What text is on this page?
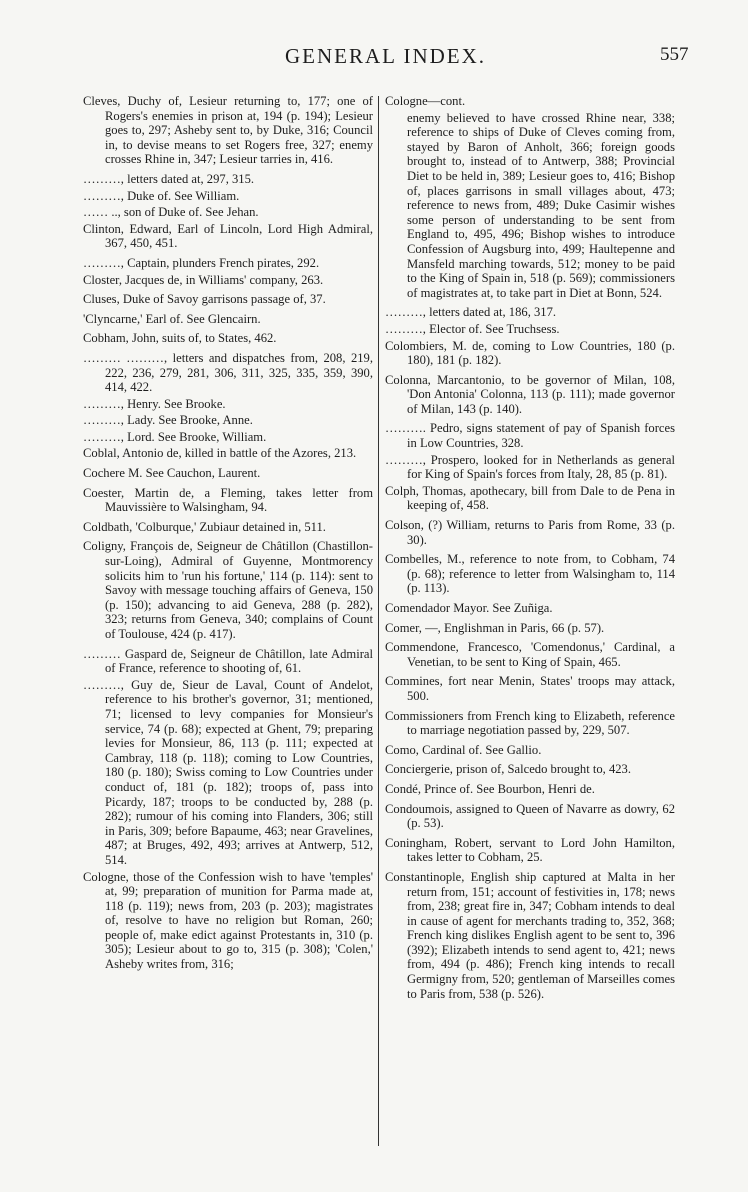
GENERAL INDEX.	557

Cleves, Duchy of, Lesieur returning to, 177; one of Rogers's enemies in prison at, 194 (p. 194); Lesieur goes to, 297; Asheby sent to, by Duke, 316; Council in, to devise means to set Rogers free, 327; enemy crosses Rhine in, 347; Lesieur tarries in, 416.

………, letters dated at, 297, 315.

………, Duke of. See William.

…… .., son of Duke of. See Jehan.

Clinton, Edward, Earl of Lincoln, Lord High Admiral, 367, 450, 451.

………, Captain, plunders French pirates, 292.

Closter, Jacques de, in Williams' company, 263.

Cluses, Duke of Savoy garrisons passage of, 37.

'Clyncarne,' Earl of. See Glencairn.

Cobham, John, suits of, to States, 462.

……… ………, letters and dispatches from, 208, 219, 222, 236, 279, 281, 306, 311, 325, 335, 359, 390, 414, 422.

………, Henry. See Brooke.

………, Lady. See Brooke, Anne.

………, Lord. See Brooke, William.

Coblal, Antonio de, killed in battle of the Azores, 213.

Cochere M. See Cauchon, Laurent.

Coester, Martin de, a Fleming, takes letter from Mauvissière to Walsingham, 94.

Coldbath, 'Colburque,' Zubiaur detained in, 511.

Coligny, François de, Seigneur de Châtillon (Chastillon-sur-Loing), Admiral of Guyenne, Montmorency solicits him to 'run his fortune,' 114 (p. 114): sent to Savoy with message touching affairs of Geneva, 150 (p. 150); advancing to aid Geneva, 288 (p. 282), 323; returns from Geneva, 340; complains of Count of Toulouse, 424 (p. 417).

……… Gaspard de, Seigneur de Châtillon, late Admiral of France, reference to shooting of, 61.

………, Guy de, Sieur de Laval, Count of Andelot, reference to his brother's governor, 31; mentioned, 71; licensed to levy companies for Monsieur's service, 74 (p. 68); expected at Ghent, 79; preparing levies for Monsieur, 86, 113 (p. 111; expected at Cambray, 118 (p. 118); coming to Low Countries, 180 (p. 180); Swiss coming to Low Countries under conduct of, 181 (p. 182); troops of, pass into Picardy, 187; troops to be conducted by, 288 (p. 282); rumour of his coming into Flanders, 306; still in Paris, 309; before Bapaume, 463; near Gravelines, 487; at Bruges, 492, 493; arrives at Antwerp, 512, 514.

Cologne, those of the Confession wish to have 'temples' at, 99; preparation of munition for Parma made at, 118 (p. 119); news from, 203 (p. 203); magistrates of, resolve to have no religion but Roman, 260; people of, make edict against Protestants in, 310 (p. 305); Lesieur about to go to, 315 (p. 308); 'Colen,' Asheby writes from, 316;

Cologne—cont.

enemy believed to have crossed Rhine near, 338; reference to ships of Duke of Cleves coming from, stayed by Baron of Anholt, 366; foreign goods brought to, instead of to Antwerp, 388; Provincial Diet to be held in, 389; Lesieur goes to, 416; Bishop of, places garrisons in small villages about, 473; reference to news from, 489; Duke Casimir wishes some person of understanding to be sent from England to, 495, 496; Bishop wishes to introduce Confession of Augsburg into, 499; Haultepenne and Mansfeld marching towards, 512; money to be paid to the King of Spain in, 518 (p. 569); commissioners of magistrates at, to take part in Diet at Bonn, 524.

………, letters dated at, 186, 317.

………, Elector of. See Truchsess.

Colombiers, M. de, coming to Low Countries, 180 (p. 180), 181 (p. 182).

Colonna, Marcantonio, to be governor of Milan, 108, 'Don Antonia' Colonna, 113 (p. 111); made governor of Milan, 143 (p. 140).

………. Pedro, signs statement of pay of Spanish forces in Low Countries, 328.

………, Prospero, looked for in Netherlands as general for King of Spain's forces from Italy, 28, 85 (p. 81).

Colph, Thomas, apothecary, bill from Dale to de Pena in keeping of, 458.

Colson, (?) William, returns to Paris from Rome, 33 (p. 30).

Combelles, M., reference to note from, to Cobham, 74 (p. 68); reference to letter from Walsingham to, 114 (p. 113).

Comendador Mayor. See Zuñiga.

Comer, —, Englishman in Paris, 66 (p. 57).

Commendone, Francesco, 'Comendonus,' Cardinal, a Venetian, to be sent to King of Spain, 465.

Commines, fort near Menin, States' troops may attack, 500.

Commissioners from French king to Elizabeth, reference to marriage negotiation passed by, 229, 507.

Como, Cardinal of. See Gallio.

Conciergerie, prison of, Salcedo brought to, 423.

Condé, Prince of. See Bourbon, Henri de.

Condoumois, assigned to Queen of Navarre as dowry, 62 (p. 53).

Coningham, Robert, servant to Lord John Hamilton, takes letter to Cobham, 25.

Constantinople, English ship captured at Malta in her return from, 151; account of festivities in, 178; news from, 238; great fire in, 347; Cobham intends to deal in cause of agent for merchants trading to, 352, 368; French king dislikes English agent to be sent to, 396 (392); Elizabeth intends to send agent to, 421; news from, 494 (p. 486); French king intends to recall Germigny from, 520; gentleman of Marseilles comes to Paris from, 538 (p. 526).
